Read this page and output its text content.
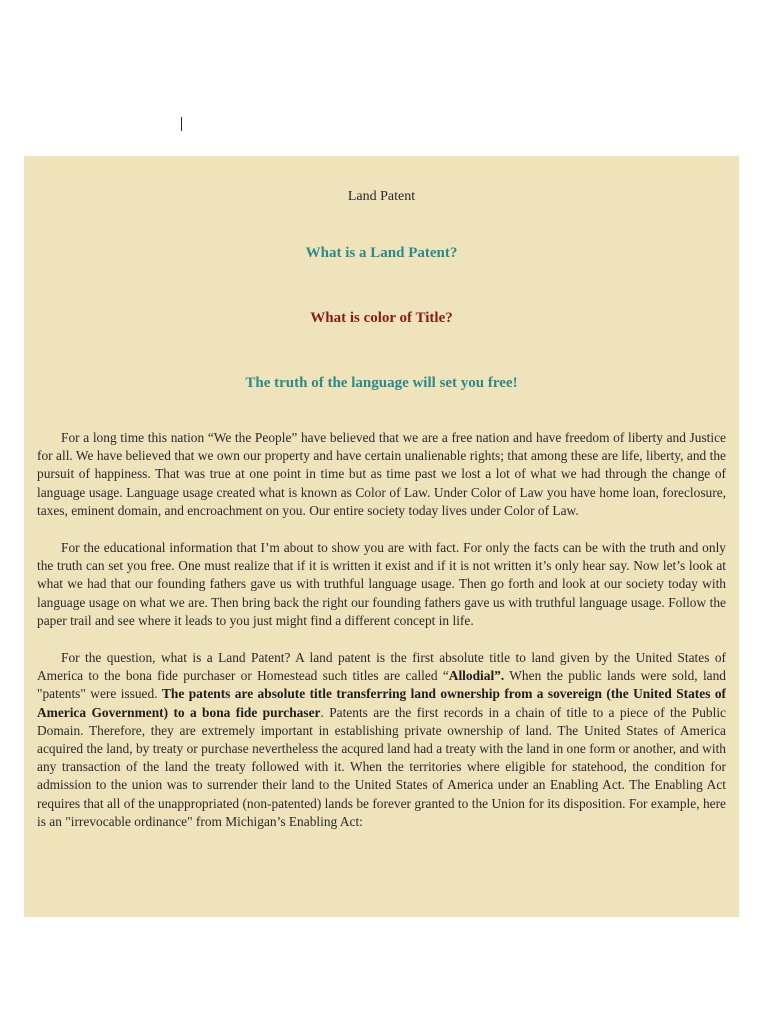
Land Patent

What is a Land Patent?
What is color of Title?
The truth of the language will set you free!

For a long time this nation “We the People” have believed that we are a free nation and have freedom of liberty and Justice for all. We have believed that we own our property and have certain unalienable rights; that among these are life, liberty, and the pursuit of happiness. That was true at one point in time but as time past we lost a lot of what we had through the change of language usage. Language usage created what is known as Color of Law. Under Color of Law you have home loan, foreclosure, taxes, eminent domain, and encroachment on you. Our entire society today lives under Color of Law.

For the educational information that I’m about to show you are with fact. For only the facts can be with the truth and only the truth can set you free. One must realize that if it is written it exist and if it is not written it’s only hear say. Now let’s look at what we had that our founding fathers gave us with truthful language usage. Then go forth and look at our society today with language usage on what we are. Then bring back the right our founding fathers gave us with truthful language usage. Follow the paper trail and see where it leads to you just might find a different concept in life.

For the question, what is a Land Patent? A land patent is the first absolute title to land given by the United States of America to the bona fide purchaser or Homestead such titles are called “Allodial”. When the public lands were sold, land "patents" were issued. The patents are absolute title transferring land ownership from a sovereign (the United States of America Government) to a bona fide purchaser. Patents are the first records in a chain of title to a piece of the Public Domain. Therefore, they are extremely important in establishing private ownership of land. The United States of America acquired the land, by treaty or purchase nevertheless the acqured land had a treaty with the land in one form or another, and with any transaction of the land the treaty followed with it. When the territories where eligible for statehood, the condition for admission to the union was to surrender their land to the United States of America under an Enabling Act. The Enabling Act requires that all of the unappropriated (non-patented) lands be forever granted to the Union for its disposition. For example, here is an "irrevocable ordinance" from Michigan’s Enabling Act:
